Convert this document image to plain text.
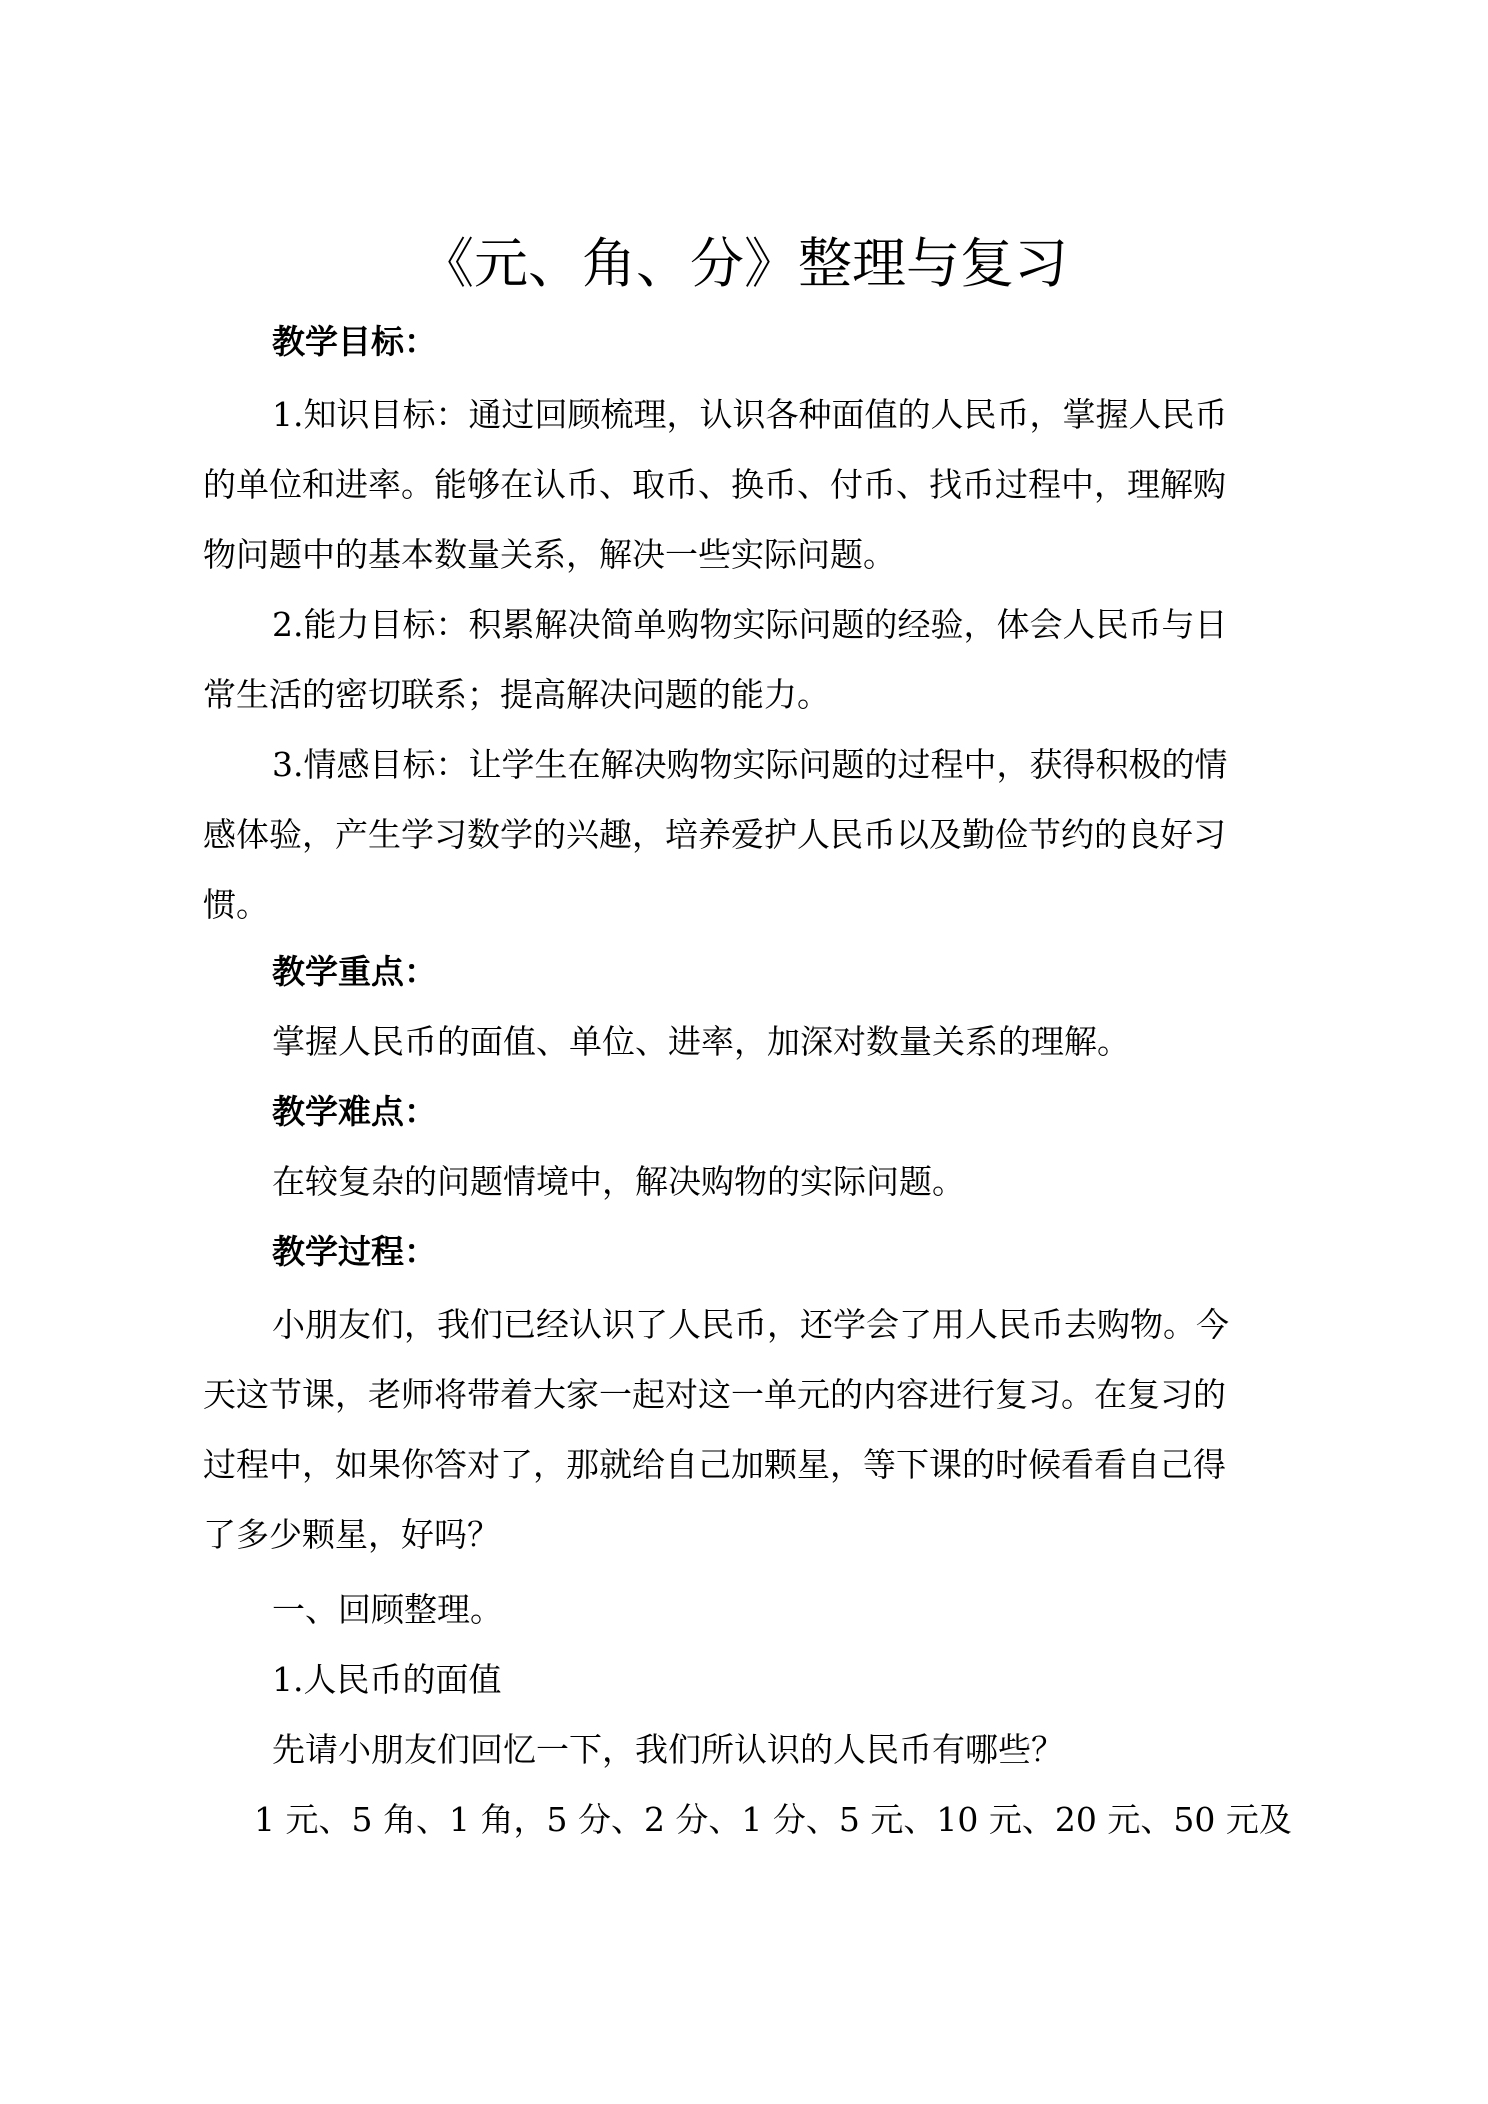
《元、角、分》整理与复习
教学目标：
1.知识目标：通过回顾梳理，认识各种面值的人民币，掌握人民币
的单位和进率。能够在认币、取币、换币、付币、找币过程中，理解购
物问题中的基本数量关系，解决一些实际问题。
2.能力目标：积累解决简单购物实际问题的经验，体会人民币与日
常生活的密切联系；提高解决问题的能力。
3.情感目标：让学生在解决购物实际问题的过程中，获得积极的情
感体验，产生学习数学的兴趣，培养爱护人民币以及勤俭节约的良好习
惯。
教学重点：
掌握人民币的面值、单位、进率，加深对数量关系的理解。
教学难点：
在较复杂的问题情境中，解决购物的实际问题。
教学过程：
小朋友们，我们已经认识了人民币，还学会了用人民币去购物。今
天这节课，老师将带着大家一起对这一单元的内容进行复习。在复习的
过程中，如果你答对了，那就给自己加颗星，等下课的时候看看自己得
了多少颗星，好吗？
一、回顾整理。
1.人民币的面值
先请小朋友们回忆一下，我们所认识的人民币有哪些？
1 元、5 角、1 角，5 分、2 分、1 分、5 元、10 元、20 元、50 元及
